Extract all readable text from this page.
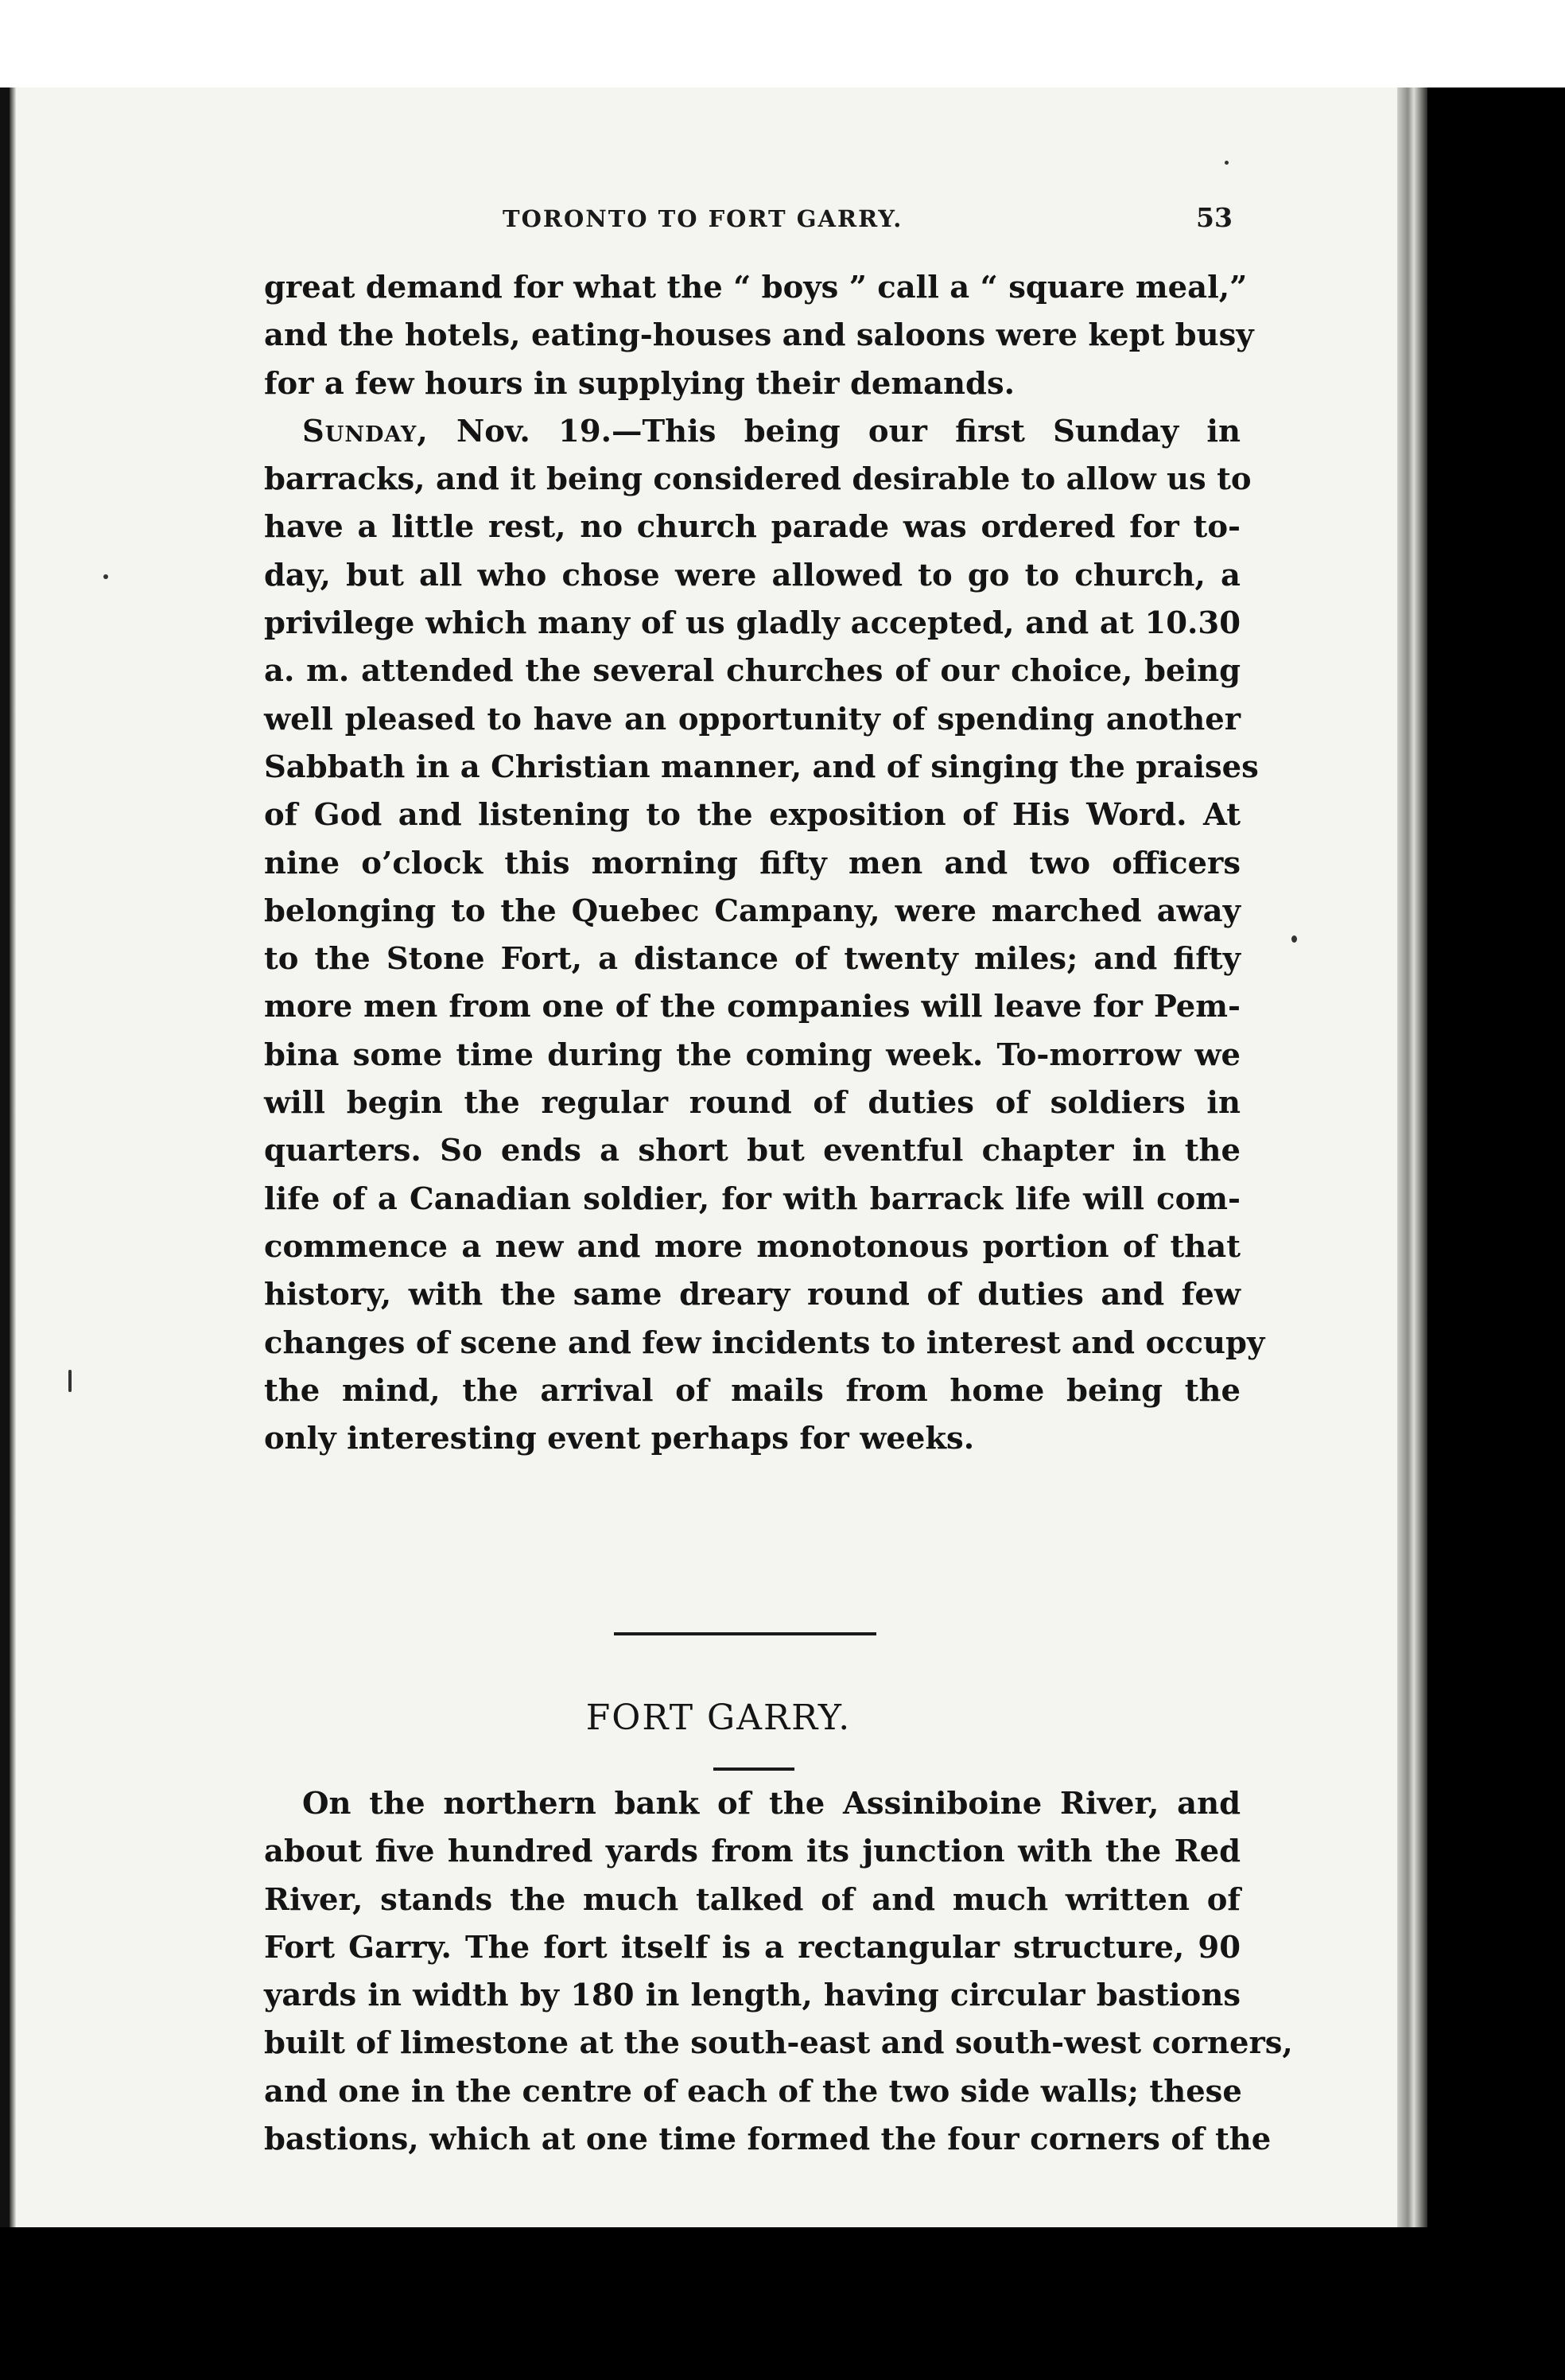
TORONTO TO FORT GARRY.	53
great demand for what the “ boys ” call a “ square meal,”
and the hotels, eating-houses and saloons were kept busy
for a few hours in supplying their demands.
Sunday, Nov. 19.—This being our first Sunday in
barracks, and it being considered desirable to allow us to
have a little rest, no church parade was ordered for to-
day, but all who chose were allowed to go to church, a
privilege which many of us gladly accepted, and at 10.30
a. m. attended the several churches of our choice, being
well pleased to have an opportunity of spending another
Sabbath in a Christian manner, and of singing the praises
of God and listening to the exposition of His Word. At
nine o’clock this morning fifty men and two officers
belonging to the Quebec Campany, were marched away
to the Stone Fort, a distance of twenty miles; and fifty
more men from one of the companies will leave for Pem-
bina some time during the coming week. To-morrow we
will begin the regular round of duties of soldiers in
quarters. So ends a short but eventful chapter in the
life of a Canadian soldier, for with barrack life will com-
commence a new and more monotonous portion of that
history, with the same dreary round of duties and few
changes of scene and few incidents to interest and occupy
the mind, the arrival of mails from home being the
only interesting event perhaps for weeks.
FORT GARRY.
On the northern bank of the Assiniboine River, and
about five hundred yards from its junction with the Red
River, stands the much talked of and much written of
Fort Garry. The fort itself is a rectangular structure, 90
yards in width by 180 in length, having circular bastions
built of limestone at the south-east and south-west corners,
and one in the centre of each of the two side walls; these
bastions, which at one time formed the four corners of the
